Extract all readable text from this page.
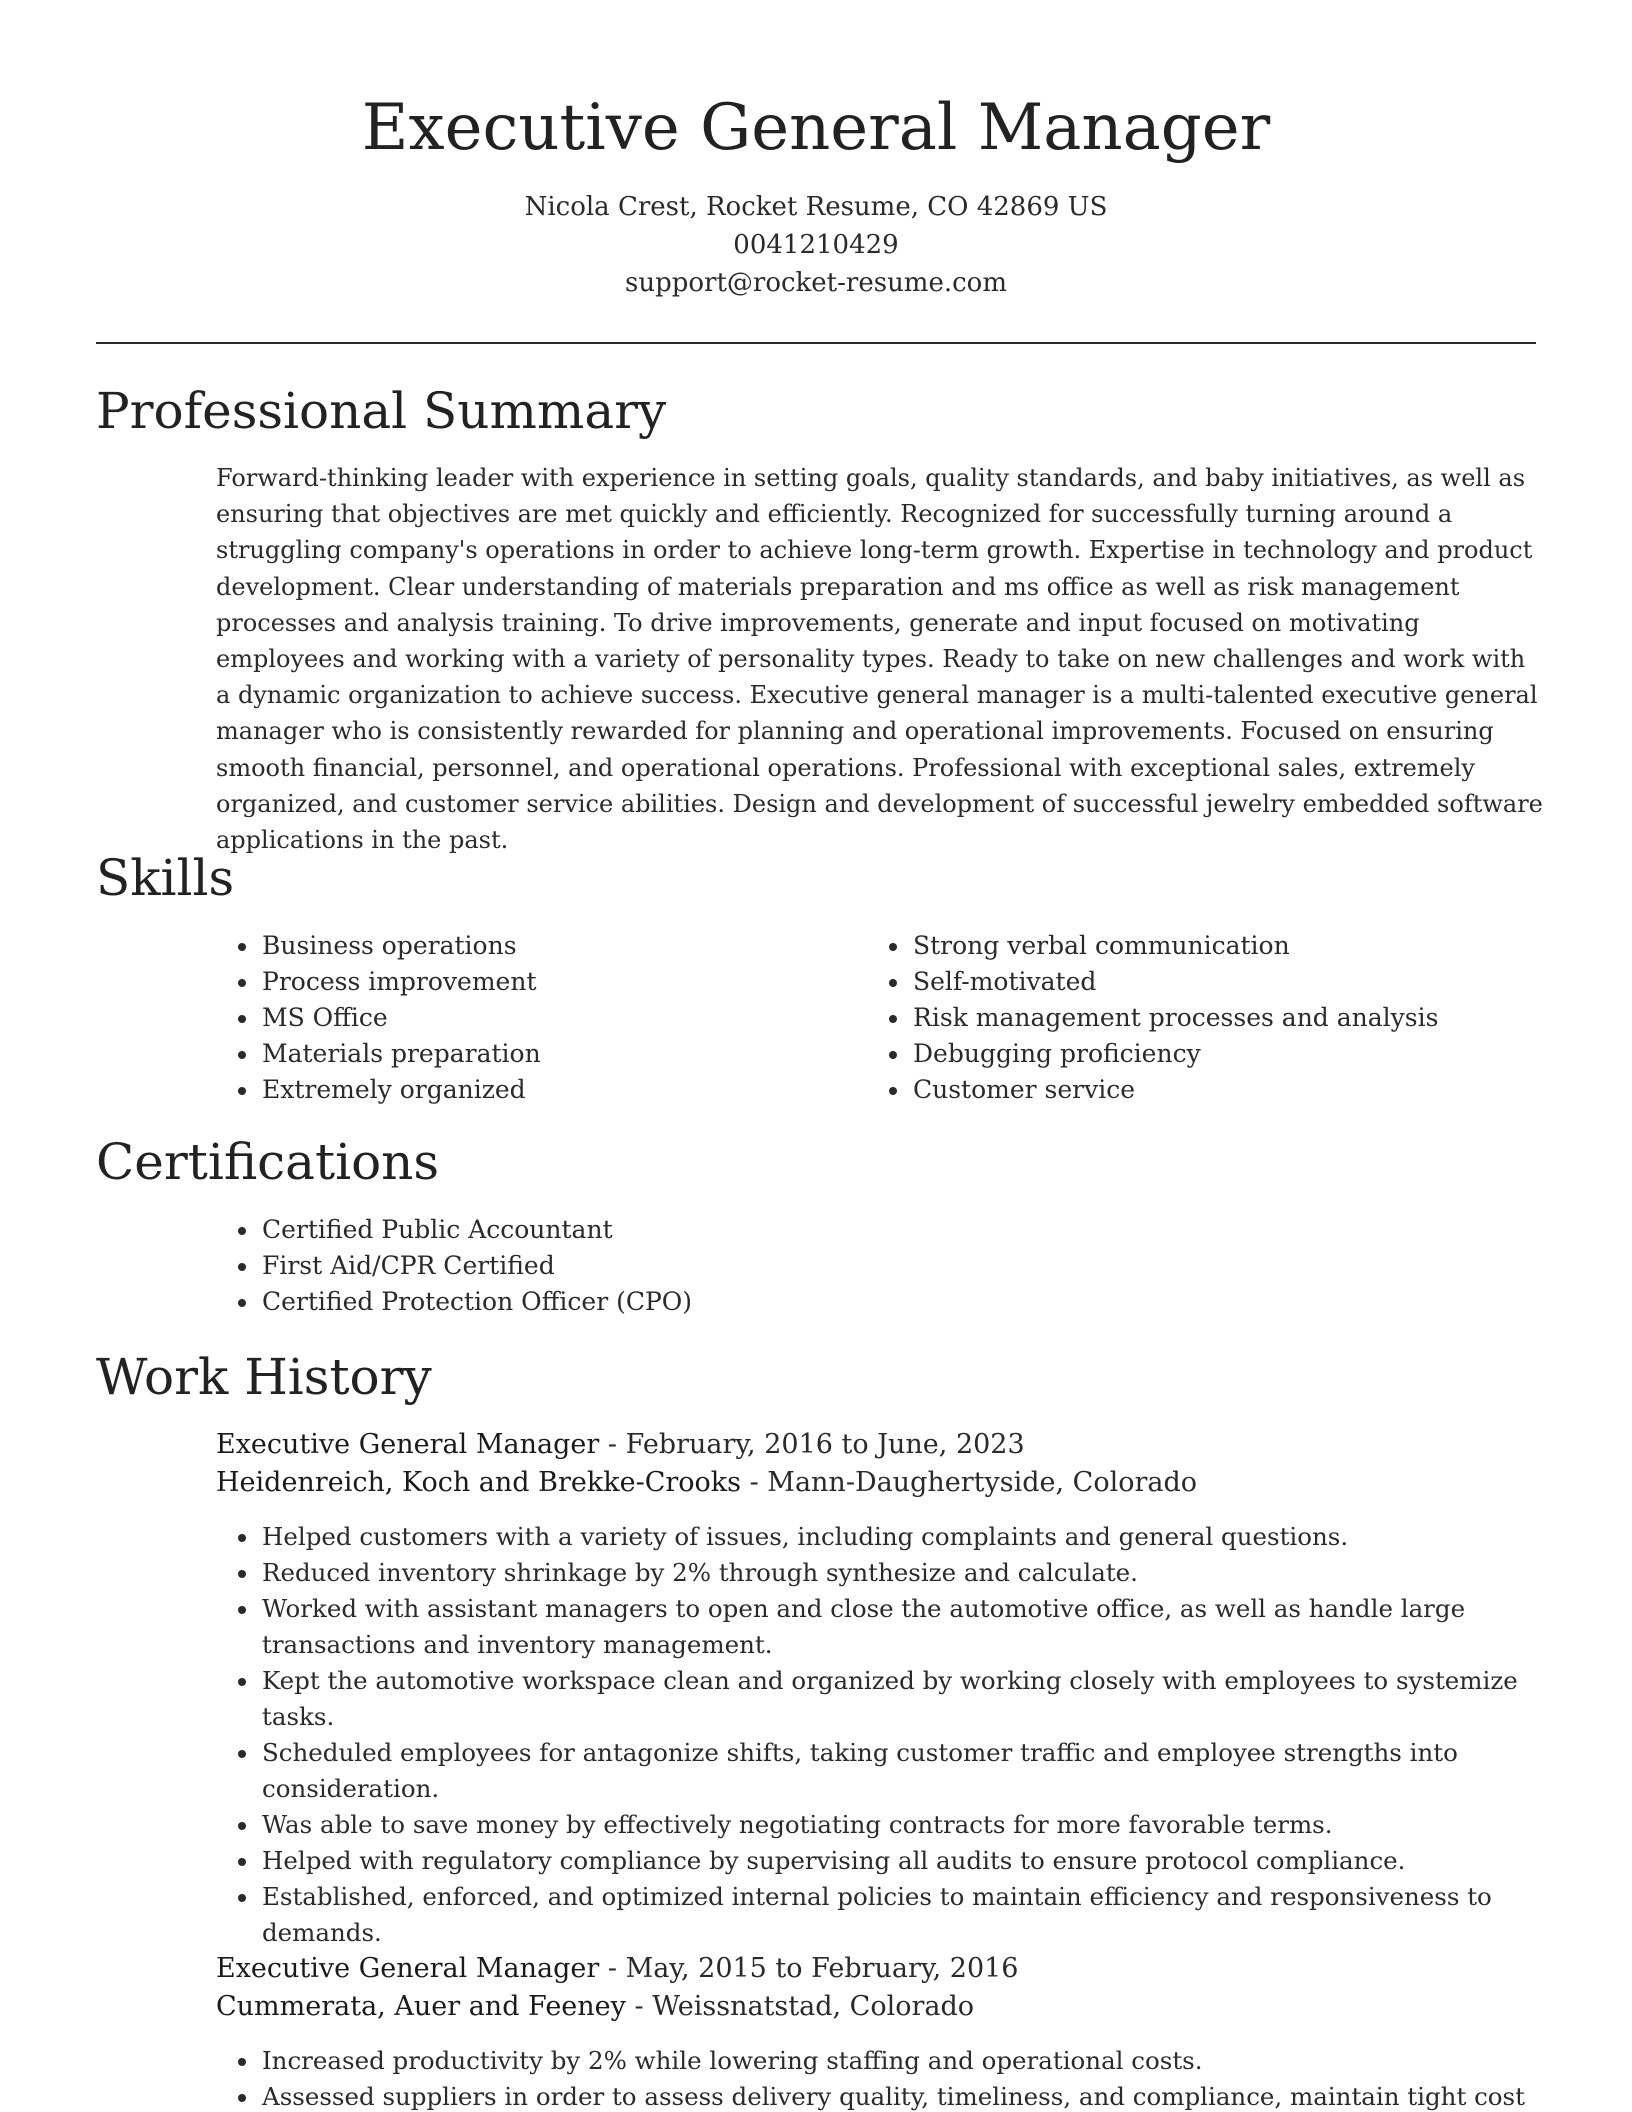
Executive General Manager
Nicola Crest, Rocket Resume, CO 42869 US
0041210429
support@rocket-resume.com
Professional Summary
Forward-thinking leader with experience in setting goals, quality standards, and baby initiatives, as well as ensuring that objectives are met quickly and efficiently. Recognized for successfully turning around a struggling company's operations in order to achieve long-term growth. Expertise in technology and product development. Clear understanding of materials preparation and ms office as well as risk management processes and analysis training. To drive improvements, generate and input focused on motivating employees and working with a variety of personality types. Ready to take on new challenges and work with a dynamic organization to achieve success. Executive general manager is a multi-talented executive general manager who is consistently rewarded for planning and operational improvements. Focused on ensuring smooth financial, personnel, and operational operations. Professional with exceptional sales, extremely organized, and customer service abilities. Design and development of successful jewelry embedded software applications in the past.
Skills
• Business operations
• Process improvement
• MS Office
• Materials preparation
• Extremely organized
• Strong verbal communication
• Self-motivated
• Risk management processes and analysis
• Debugging proficiency
• Customer service
Certifications
• Certified Public Accountant
• First Aid/CPR Certified
• Certified Protection Officer (CPO)
Work History
Executive General Manager - February, 2016 to June, 2023
Heidenreich, Koch and Brekke-Crooks - Mann-Daughertyside, Colorado
• Helped customers with a variety of issues, including complaints and general questions.
• Reduced inventory shrinkage by 2% through synthesize and calculate.
• Worked with assistant managers to open and close the automotive office, as well as handle large transactions and inventory management.
• Kept the automotive workspace clean and organized by working closely with employees to systemize tasks.
• Scheduled employees for antagonize shifts, taking customer traffic and employee strengths into consideration.
• Was able to save money by effectively negotiating contracts for more favorable terms.
• Helped with regulatory compliance by supervising all audits to ensure protocol compliance.
• Established, enforced, and optimized internal policies to maintain efficiency and responsiveness to demands.
Executive General Manager - May, 2015 to February, 2016
Cummerata, Auer and Feeney - Weissnatstad, Colorado
• Increased productivity by 2% while lowering staffing and operational costs.
• Assessed suppliers in order to assess delivery quality, timeliness, and compliance, maintain tight cost
